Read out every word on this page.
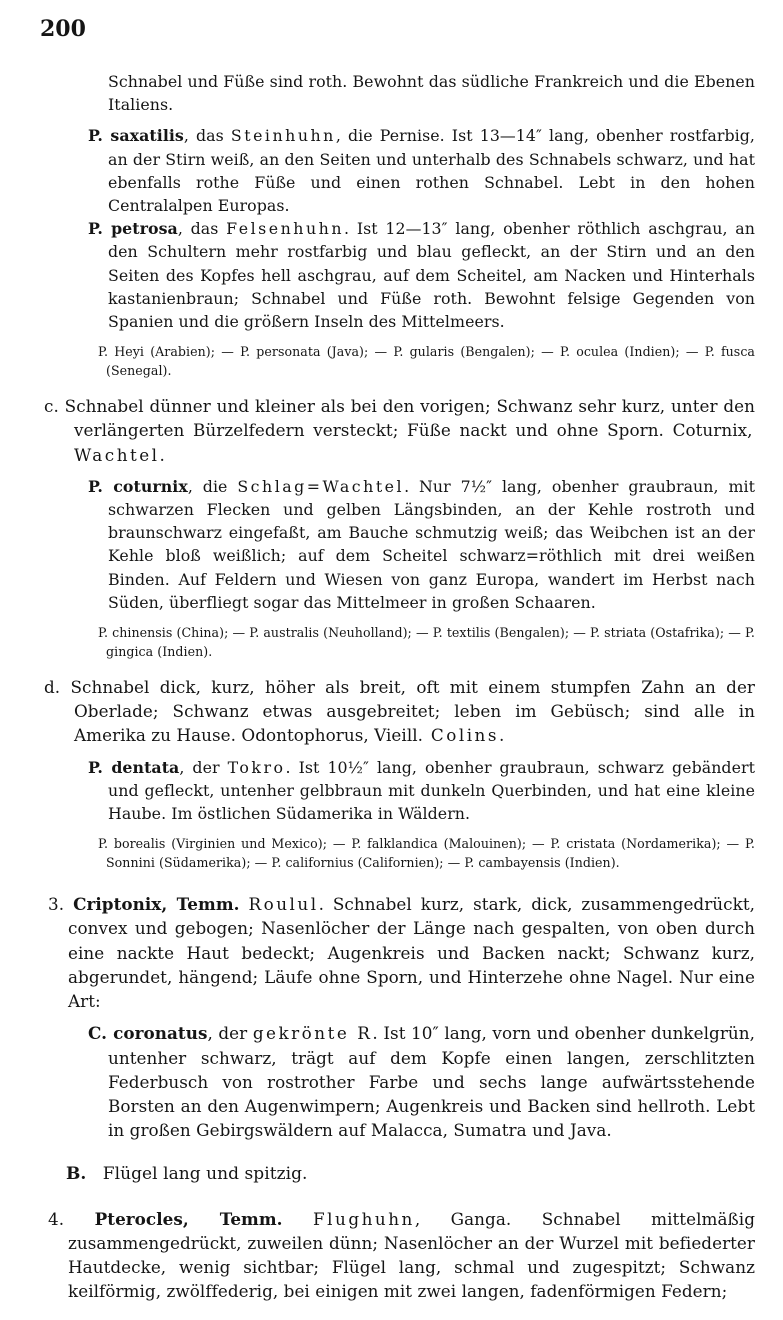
200

Schnabel und Füße sind roth. Bewohnt das südliche Frankreich und die Ebenen Italiens.

P. saxatilis, das Steinhuhn, die Pernise. Ist 13—14″ lang, obenher rostfarbig, an der Stirn weiß, an den Seiten und unterhalb des Schnabels schwarz, und hat ebenfalls rothe Füße und einen rothen Schnabel. Lebt in den hohen Centralalpen Europas.

P. petrosa, das Felsenhuhn. Ist 12—13″ lang, obenher röthlich aschgrau, an den Schultern mehr rostfarbig und blau gefleckt, an der Stirn und an den Seiten des Kopfes hell aschgrau, auf dem Scheitel, am Nacken und Hinterhals kastanienbraun; Schnabel und Füße roth. Bewohnt felsige Gegenden von Spanien und die größern Inseln des Mittelmeers.

P. Heyi (Arabien); — P. personata (Java); — P. gularis (Bengalen); — P. oculea (Indien); — P. fusca (Senegal).

c. Schnabel dünner und kleiner als bei den vorigen; Schwanz sehr kurz, unter den verlängerten Bürzelfedern versteckt; Füße nackt und ohne Sporn. Coturnix, Wachtel.

P. coturnix, die Schlag=Wachtel. Nur 7½″ lang, obenher graubraun, mit schwarzen Flecken und gelben Längsbinden, an der Kehle rostroth und braunschwarz eingefaßt, am Bauche schmutzig weiß; das Weibchen ist an der Kehle bloß weißlich; auf dem Scheitel schwarz=röthlich mit drei weißen Binden. Auf Feldern und Wiesen von ganz Europa, wandert im Herbst nach Süden, überfliegt sogar das Mittelmeer in großen Schaaren.

P. chinensis (China); — P. australis (Neuholland); — P. textilis (Bengalen); — P. striata (Ostafrika); — P. gingica (Indien).

d. Schnabel dick, kurz, höher als breit, oft mit einem stumpfen Zahn an der Oberlade; Schwanz etwas ausgebreitet; leben im Gebüsch; sind alle in Amerika zu Hause. Odontophorus, Vieill. Colins.

P. dentata, der Tokro. Ist 10½″ lang, obenher graubraun, schwarz gebändert und gefleckt, untenher gelbbraun mit dunkeln Querbinden, und hat eine kleine Haube. Im östlichen Südamerika in Wäldern.

P. borealis (Virginien und Mexico); — P. falklandica (Malouinen); — P. cristata (Nordamerika); — P. Sonnini (Südamerika); — P. californius (Californien); — P. cambayensis (Indien).

3. Criptonix, Temm. Roulul. Schnabel kurz, stark, dick, zusammengedrückt, convex und gebogen; Nasenlöcher der Länge nach gespalten, von oben durch eine nackte Haut bedeckt; Augenkreis und Backen nackt; Schwanz kurz, abgerundet, hängend; Läufe ohne Sporn, und Hinterzehe ohne Nagel. Nur eine Art:

C. coronatus, der gekrönte R. Ist 10″ lang, vorn und obenher dunkelgrün, untenher schwarz, trägt auf dem Kopfe einen langen, zerschlitzten Federbusch von rostrother Farbe und sechs lange aufwärtsstehende Borsten an den Augenwimpern; Augenkreis und Backen sind hellroth. Lebt in großen Gebirgswäldern auf Malacca, Sumatra und Java.

B. Flügel lang und spitzig.

4. Pterocles, Temm. Flughuhn, Ganga. Schnabel mittelmäßig zusammengedrückt, zuweilen dünn; Nasenlöcher an der Wurzel mit befiederter Hautdecke, wenig sichtbar; Flügel lang, schmal und zugespitzt; Schwanz keilförmig, zwölffederig, bei einigen mit zwei langen, fadenförmigen Federn;
